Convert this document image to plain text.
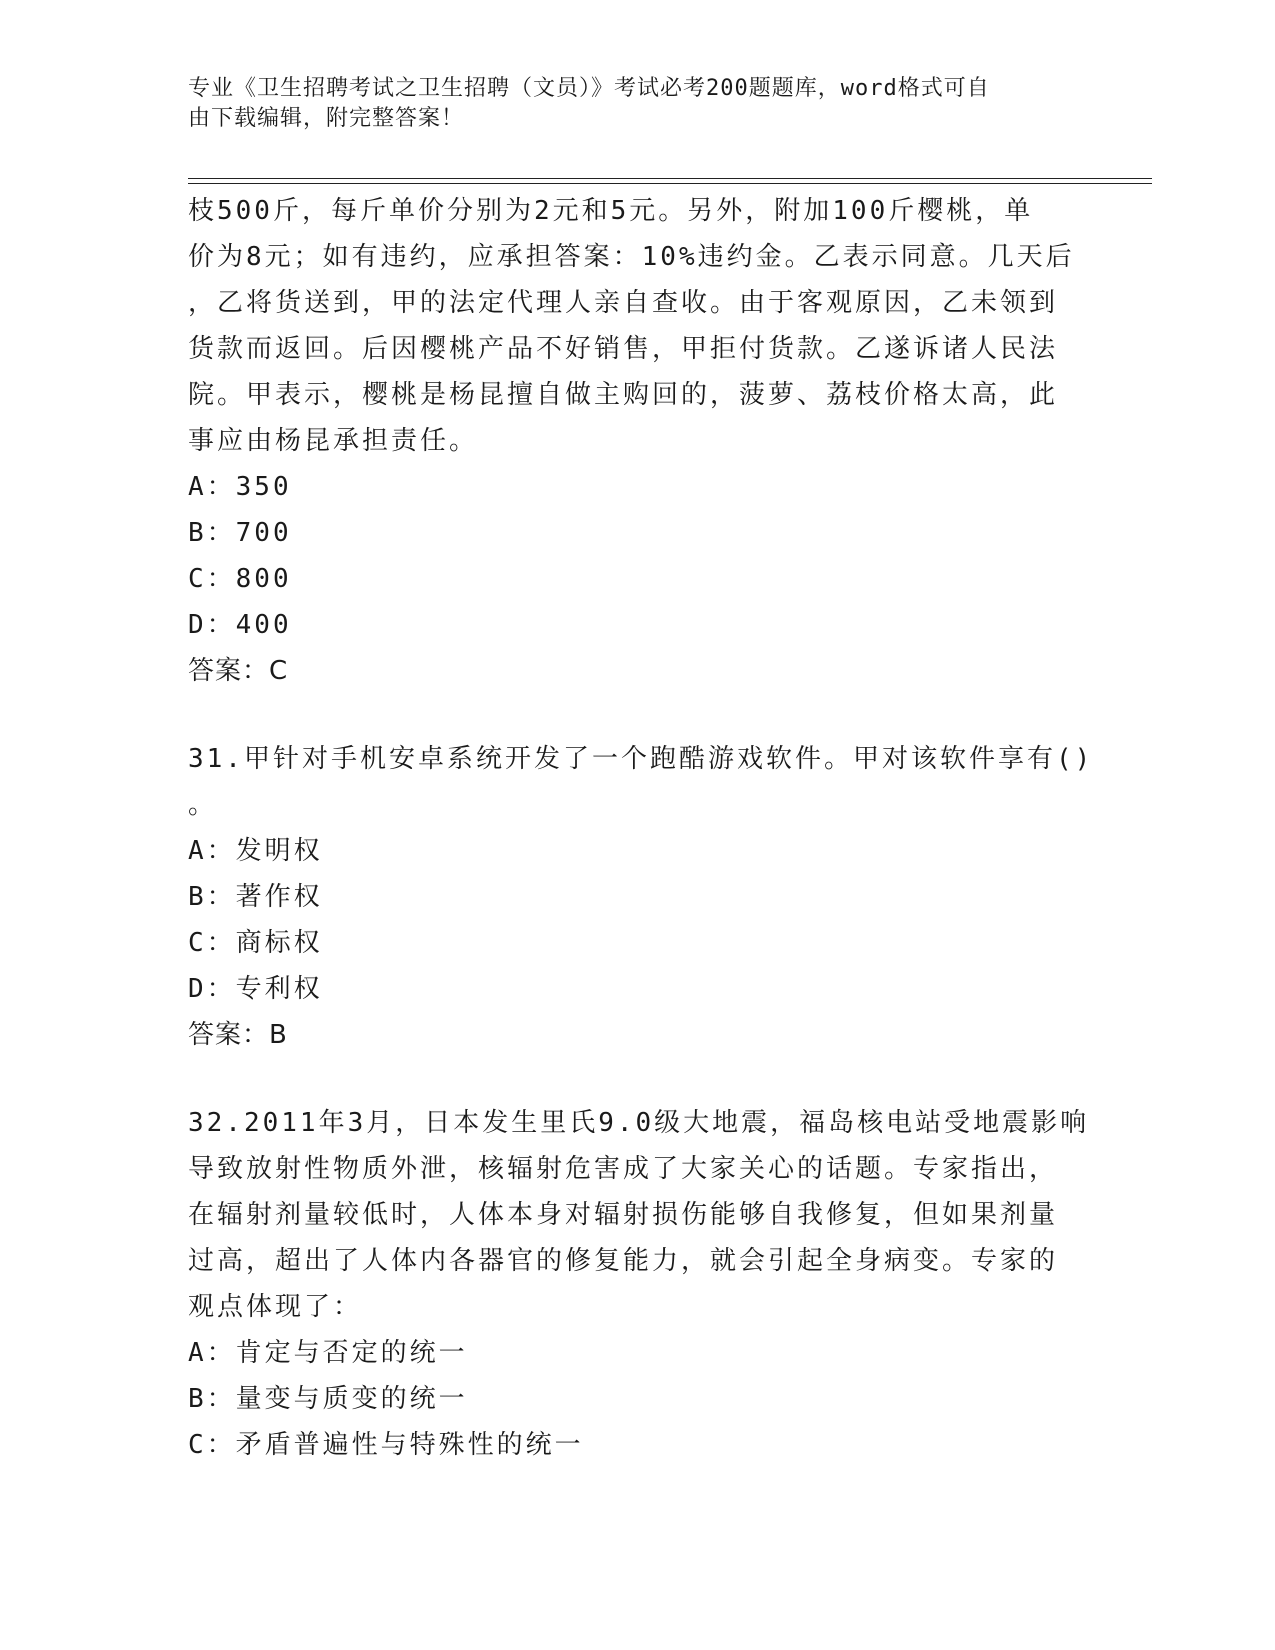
专业《卫生招聘考试之卫生招聘（文员）》考试必考200题题库，word格式可自
由下载编辑，附完整答案！
枝500斤，每斤单价分别为2元和5元。另外，附加100斤樱桃，单
价为8元；如有违约，应承担答案：10%违约金。乙表示同意。几天后
，乙将货送到，甲的法定代理人亲自查收。由于客观原因，乙未领到
货款而返回。后因樱桃产品不好销售，甲拒付货款。乙遂诉诸人民法
院。甲表示，樱桃是杨昆擅自做主购回的，菠萝、荔枝价格太高，此
事应由杨昆承担责任。
A：350
B：700
C：800
D：400
答案：C
31.甲针对手机安卓系统开发了一个跑酷游戏软件。甲对该软件享有()
。
A：发明权
B：著作权
C：商标权
D：专利权
答案：B
32.2011年3月，日本发生里氏9.0级大地震，福岛核电站受地震影响
导致放射性物质外泄，核辐射危害成了大家关心的话题。专家指出，
在辐射剂量较低时，人体本身对辐射损伤能够自我修复，但如果剂量
过高，超出了人体内各器官的修复能力，就会引起全身病变。专家的
观点体现了：
A：肯定与否定的统一
B：量变与质变的统一
C：矛盾普遍性与特殊性的统一
